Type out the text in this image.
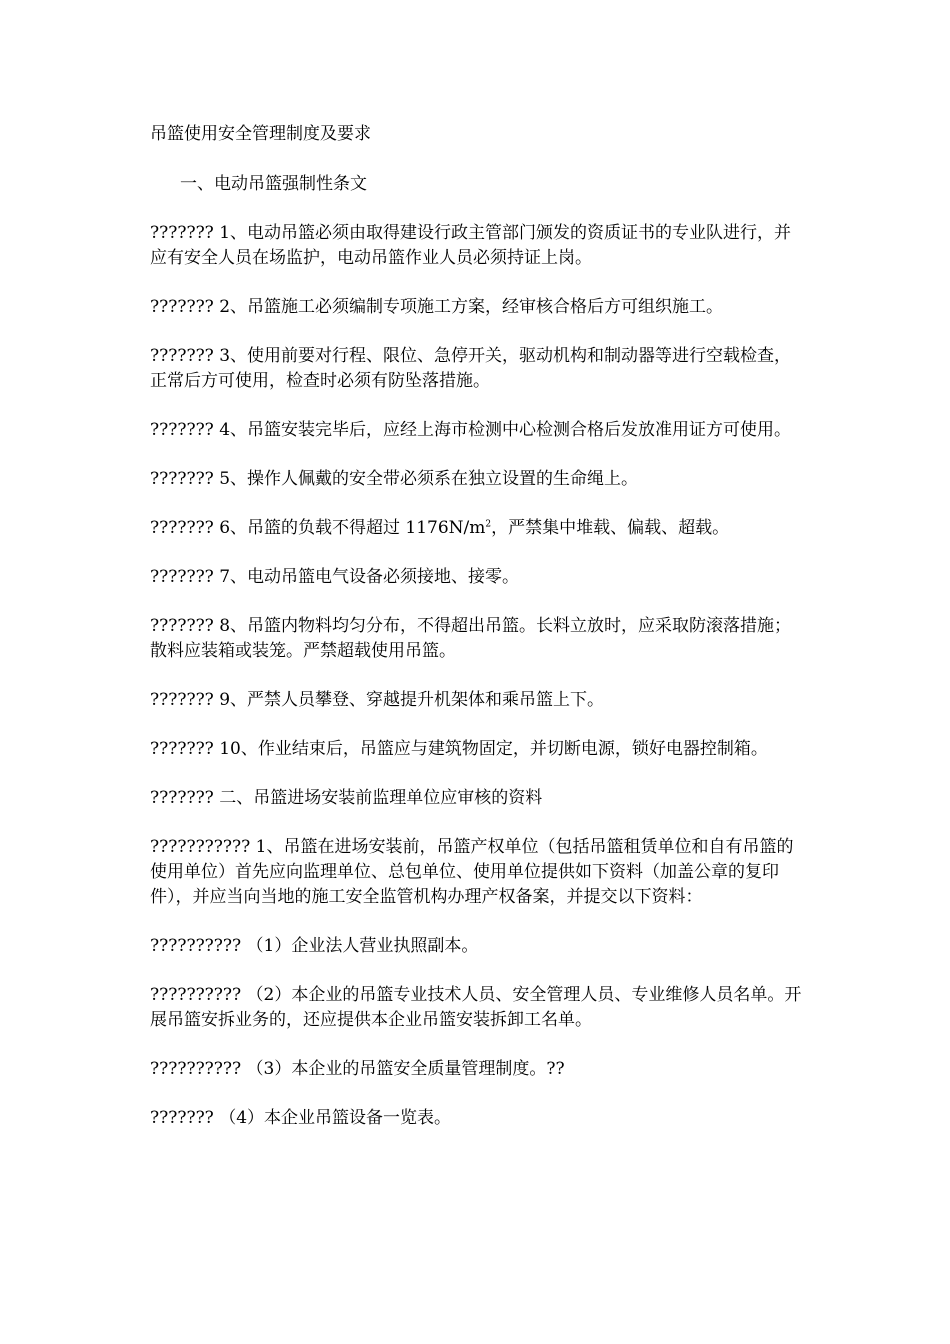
吊篮使用安全管理制度及要求

一、电动吊篮强制性条文

??????? 1、电动吊篮必须由取得建设行政主管部门颁发的资质证书的专业队进行，并应有安全人员在场监护，电动吊篮作业人员必须持证上岗。

??????? 2、吊篮施工必须编制专项施工方案，经审核合格后方可组织施工。

??????? 3、使用前要对行程、限位、急停开关，驱动机构和制动器等进行空载检查，正常后方可使用，检查时必须有防坠落措施。

??????? 4、吊篮安装完毕后，应经上海市检测中心检测合格后发放准用证方可使用。

??????? 5、操作人佩戴的安全带必须系在独立设置的生命绳上。

??????? 6、吊篮的负载不得超过 $1176N/m^2$，严禁集中堆载、偏载、超载。

??????? 7、电动吊篮电气设备必须接地、接零。

??????? 8、吊篮内物料均匀分布，不得超出吊篮。长料立放时，应采取防滚落措施；散料应装箱或装笼。严禁超载使用吊篮。

??????? 9、严禁人员攀登、穿越提升机架体和乘吊篮上下。

??????? 10、作业结束后，吊篮应与建筑物固定，并切断电源，锁好电器控制箱。

??????? 二、吊篮进场安装前监理单位应审核的资料

??????????? 1、吊篮在进场安装前，吊篮产权单位（包括吊篮租赁单位和自有吊篮的使用单位）首先应向监理单位、总包单位、使用单位提供如下资料（加盖公章的复印件），并应当向当地的施工安全监管机构办理产权备案，并提交以下资料：

?????????? （1）企业法人营业执照副本。

?????????? （2）本企业的吊篮专业技术人员、安全管理人员、专业维修人员名单。开展吊篮安拆业务的，还应提供本企业吊篮安装拆卸工名单。

?????????? （3）本企业的吊篮安全质量管理制度。??

??????? （4）本企业吊篮设备一览表。
